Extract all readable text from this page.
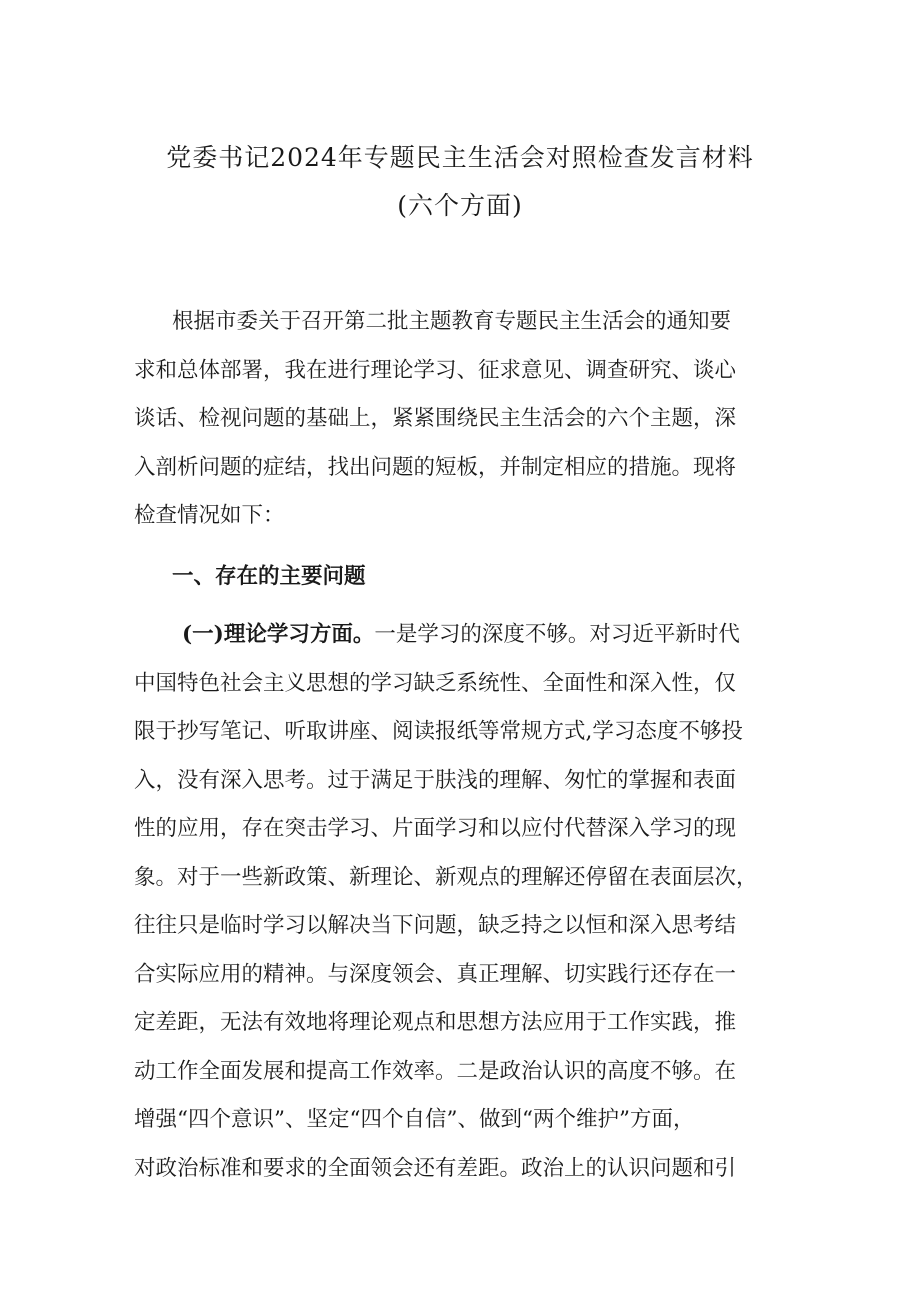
党委书记2024年专题民主生活会对照检查发言材料
(六个方面)
根据市委关于召开第二批主题教育专题民主生活会的通知要
求和总体部署，我在进行理论学习、征求意见、调查研究、谈心
谈话、检视问题的基础上，紧紧围绕民主生活会的六个主题，深
入剖析问题的症结，找出问题的短板，并制定相应的措施。现将
检查情况如下：
一、存在的主要问题
(一)理论学习方面。一是学习的深度不够。对习近平新时代
中国特色社会主义思想的学习缺乏系统性、全面性和深入性，仅
限于抄写笔记、听取讲座、阅读报纸等常规方式,学习态度不够投
入，没有深入思考。过于满足于肤浅的理解、匆忙的掌握和表面
性的应用，存在突击学习、片面学习和以应付代替深入学习的现
象。对于一些新政策、新理论、新观点的理解还停留在表面层次，
往往只是临时学习以解决当下问题，缺乏持之以恒和深入思考结
合实际应用的精神。与深度领会、真正理解、切实践行还存在一
定差距，无法有效地将理论观点和思想方法应用于工作实践，推
动工作全面发展和提高工作效率。二是政治认识的高度不够。在
增强“四个意识”、坚定“四个自信”、做到“两个维护”方面，
对政治标准和要求的全面领会还有差距。政治上的认识问题和引
